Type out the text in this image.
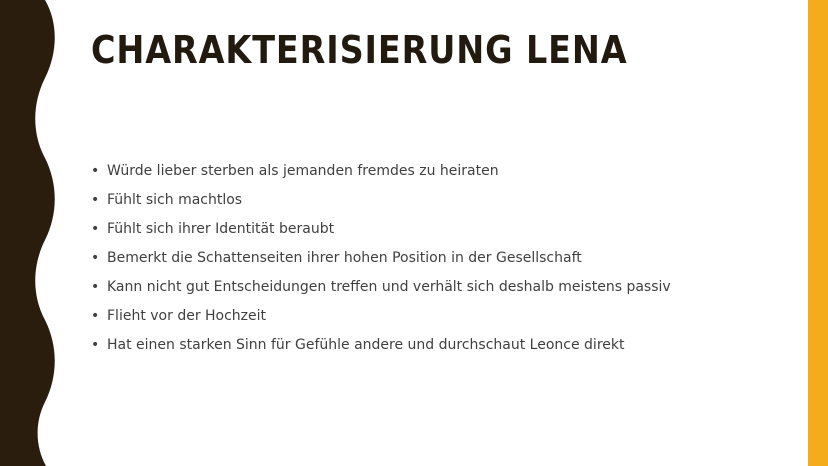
CHARAKTERISIERUNG LENA
• Würde lieber sterben als jemanden fremdes zu heiraten
• Fühlt sich machtlos
• Fühlt sich ihrer Identität beraubt
• Bemerkt die Schattenseiten ihrer hohen Position in der Gesellschaft
• Kann nicht gut Entscheidungen treffen und verhält sich deshalb meistens passiv
• Flieht vor der Hochzeit
• Hat einen starken Sinn für Gefühle andere und durchschaut Leonce direkt
